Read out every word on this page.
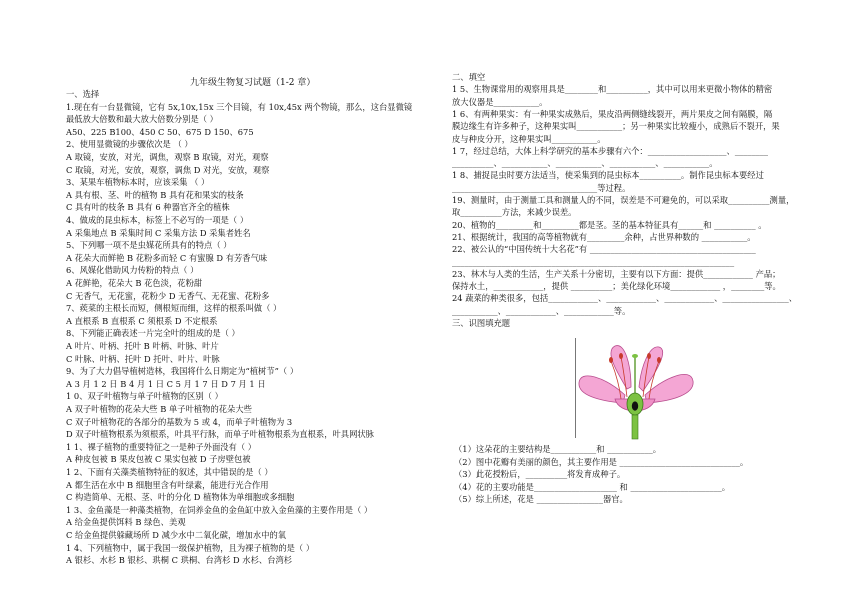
九年级生物复习试题（1-2 章）
一、选择
1.现在有一台显微镜，它有 5x,10x,15x 三个目镜，有 10x,45x 两个物镜，那么，这台显微镜
最低放大倍数和最大放大倍数分别是（ ）
A50、225 B100、450 C 50、675 D 150、675
2、使用显微镜的步骤依次是 （ ）
A 取镜，安放，对光，调焦，观察 B 取镜，对光，观察
C 取镜，对光，安放，观察，调焦 D 对光，安放，观察
3、某果车植物标本时，应该采集 （ ）
A 具有根、茎、叶的植物 B 具有花和果实的枝条
C 具有叶的枝条 B 具有 6 种器官齐全的植株
4、做成的昆虫标本，标签上不必写的一项是（ ）
A 采集地点 B 采集时间 C 采集方法 D 采集者姓名
5、下列哪一项不是虫媒花所具有的特点（ ）
A 花朵大而鲜艳 B 花粉多而轻 C 有蜜腺 D 有芳香气味
6、风媒化借助风力传粉的特点（ ）
A 花鲜艳，花朵大 B 花色淡，花粉甜
C 无香气，无花蜜，花粉少 D 无香气、无花蜜、花粉多
7、蒺菜的主根长而短，侧根短而细，这样的根系叫做（ ）
A 直根系 B 直根系 C 须根系 D 不定根系
8、下列能正确表述一片完全叶的组成的是（ ）
A 叶片、叶柄、托叶 B 叶柄、叶脉、叶片
C 叶脉、叶柄、托叶 D 托叶、叶片、叶脉
9、为了大力倡导植树造林，我国将什么日期定为“植树节”（ ）
A 3 月 1 2 日 B 4 月 1 日 C 5 月 1 7 日 D 7 月 1 日
1 0、双子叶植物与单子叶植物的区别（ ）
A 双子叶植物的花朵大些 B 单子叶植物的花朵大些
C 双子叶植物花的各部分的基数为 5 或 4，而单子叶植物为 3
D 双子叶植物根系为须根系，叶具平行脉，而单子叶植物根系为直根系，叶具网状脉
1 1、裸子植物的重要特征之一是种子外面没有（ ）
A 种皮包被 B 果皮包被 C 果实包被 D 子房壁包被
1 2、下面有关藻类植物特征的叙述，其中错误的是（ ）
A 都生活在水中 B 细胞里含有叶绿素，能进行光合作用
C 构造简单、无根、茎、叶的分化 D 植物体为单细胞或多细胞
1 3、金鱼藻是一种藻类植物，在饲养金鱼的金鱼缸中放入金鱼藻的主要作用是（ ）
A 给金鱼提供饵料 B 绿色、美观
C 给金鱼提供躲藏场所 D 减少水中二氧化碳，增加水中的氧
1 4、下列植物中，属于我国一级保护植物，且为裸子植物的是（ ）
A 银杉、水杉 B 银杉、珙桐 C 珙桐、台湾杉 D 水杉、台湾杉
二、填空
1 5、生物课常用的观察用具是________和__________，其中可以用来更微小物体的精密
放大仪器是___________。
1 6、有两种果实：有一种果实成熟后，果皮沿两侧缝线裂开，两片果皮之间有隔膜，隔
膜边缘生有许多种子，这种果实叫___________；另一种果实比较瘦小，成熟后不裂开，果
皮与种皮分开，这种果实叫___________。
1 7，经过总结，大体上科学研究的基本步骤有六个：___________________、________
__________、___________、___________、___________、___________。
1 8、捕捉昆虫时要方法适当，使采集到的昆虫标本__________。制作昆虫标本要经过
___________________________________等过程。
19、测量时，由于测量工具和测量人的不同，误差是不可避免的，可以采取__________测量，
取__________方法，来减少误差。
20、植物的_________和_________都是茎。茎的基本特征具有______和 __________ 。
21、根据统计，我国的高等植物就有_________余种，占世界种数的 ___________。
22、被公认的“中国传统十大名花”有 ________________________________________
____________________________________________________________________
23、林木与人类的生活，生产关系十分密切，主要有以下方面：提供____________ 产品；
保持水土，____________，提供 __________；美化绿化环境____________ ，________等。
24 蔬菜的种类很多，包括____________、____________、____________、________________、
___________、____________、____________等。
三、识图填充题
（1）这朵花的主要结构是___________和 ___________。
（2）图中花瓣有美丽的颜色，其主要作用是 _____________________________。
（3）此花授粉后，__________将发育成种子。
（4）花的主要功能是____________________ 和 ______________________。
（5）综上所述，花是 ________________器官。
